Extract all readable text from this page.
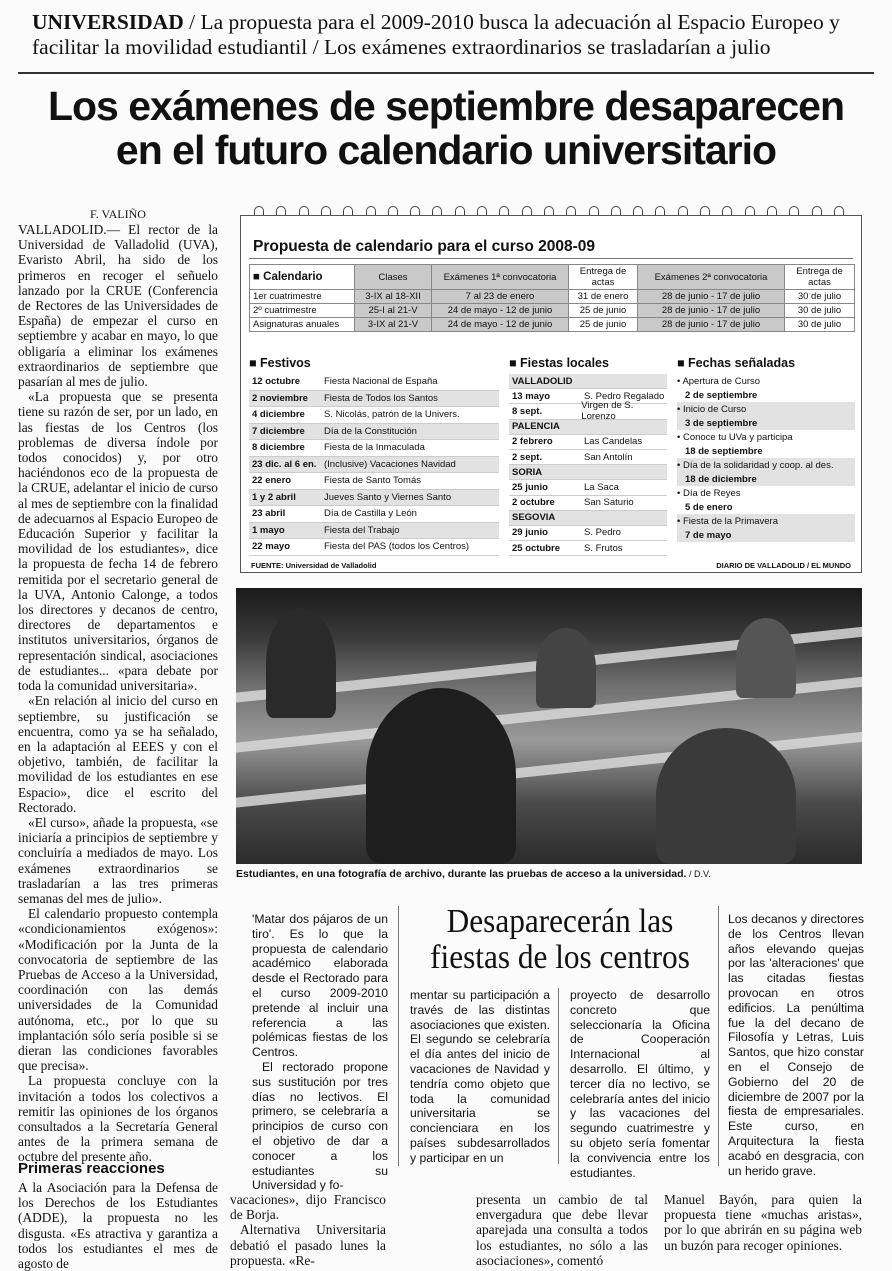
UNIVERSIDAD / La propuesta para el 2009-2010 busca la adecuación al Espacio Europeo y facilitar la movilidad estudiantil / Los exámenes extraordinarios se trasladarían a julio
Los exámenes de septiembre desaparecen
en el futuro calendario universitario
F. VALIÑO

VALLADOLID.— El rector de la Universidad de Valladolid (UVA), Evaristo Abril, ha sido de los primeros en recoger el señuelo lanzado por la CRUE (Conferencia de Rectores de las Universidades de España) de empezar el curso en septiembre y acabar en mayo, lo que obligaría a eliminar los exámenes extraordinarios de septiembre que pasarían al mes de julio.

«La propuesta que se presenta tiene su razón de ser, por un lado, en las fiestas de los Centros (los problemas de diversa índole por todos conocidos) y, por otro haciéndonos eco de la propuesta de la CRUE, adelantar el inicio de curso al mes de septiembre con la finalidad de adecuarnos al Espacio Europeo de Educación Superior y facilitar la movilidad de los estudiantes», dice la propuesta de fecha 14 de febrero remitida por el secretario general de la UVA, Antonio Calonge, a todos los directores y decanos de centro, directores de departamentos e institutos universitarios, órganos de representación sindical, asociaciones de estudiantes... «para debate por toda la comunidad universitaria».

«En relación al inicio del curso en septiembre, su justificación se encuentra, como ya se ha señalado, en la adaptación al EEES y con el objetivo, también, de facilitar la movilidad de los estudiantes en ese Espacio», dice el escrito del Rectorado.

«El curso», añade la propuesta, «se iniciaría a principios de septiembre y concluiría a mediados de mayo. Los exámenes extraordinarios se trasladarían a las tres primeras semanas del mes de julio».

El calendario propuesto contempla «condicionamientos exógenos»: «Modificación por la Junta de la convocatoria de septiembre de las Pruebas de Acceso a la Universidad, coordinación con las demás universidades de la Comunidad autónoma, etc., por lo que su implantación sólo sería posible si se dieran las condiciones favorables que precisa».

La propuesta concluye con la invitación a todos los colectivos a remitir las opiniones de los órganos consultados a la Secretaría General antes de la primera semana de octubre del presente año.

Primeras reacciones

A la Asociación para la Defensa de los Derechos de los Estudiantes (ADDE), la propuesta no les disgusta. «Es atractiva y garantiza a todos los estudiantes el mes de agosto de

Propuesta de calendario para el curso 2008-09
■ Calendario	Clases	Exámenes 1ª convocatoria	Entrega de actas	Exámenes 2ª convocatoria	Entrega de actas
1er cuatrimestre	3-IX al 18-XII	7 al 23 de enero	31 de enero	28 de junio - 17 de julio	30 de julio
2º cuatrimestre	25-I al 21-V	24 de mayo - 12 de junio	25 de junio	28 de junio - 17 de julio	30 de julio
Asignaturas anuales	3-IX al 21-V	24 de mayo - 12 de junio	25 de junio	28 de junio - 17 de julio	30 de julio
■ Festivos
12 octubre	Fiesta Nacional de España
2 noviembre	Fiesta de Todos los Santos
4 diciembre	S. Nicolás, patrón de la Univers.
7 diciembre	Día de la Constitución
8 diciembre	Fiesta de la Inmaculada
23 dic. al 6 en. (Inclusive) Vacaciones Navidad
22 enero	Fiesta de Santo Tomás
1 y 2 abril	Jueves Santo y Viernes Santo
23 abril	Día de Castilla y León
1 mayo	Fiesta del Trabajo
22 mayo	Fiesta del PAS (todos los Centros)
■ Fiestas locales
VALLADOLID
13 mayo	S. Pedro Regalado
8 sept.	Virgen de S. Lorenzo
PALENCIA
2 febrero	Las Candelas
2 sept.	San Antolín
SORIA
25 junio	La Saca
2 octubre	San Saturio
SEGOVIA
29 junio	S. Pedro
25 octubre	S. Frutos
■ Fechas señaladas
• Apertura de Curso
2 de septiembre
• Inicio de Curso
3 de septiembre
• Conoce tu UVa y participa
18 de septiembre
• Día de la solidaridad y coop. al des.
18 de diciembre
• Día de Reyes
5 de enero
• Fiesta de la Primavera
7 de mayo
FUENTE: Universidad de Valladolid	DIARIO DE VALLADOLID / EL MUNDO
Estudiantes, en una fotografía de archivo, durante las pruebas de acceso a la universidad. / D.V.
Desaparecerán las fiestas de los centros
'Matar dos pájaros de un tiro'. Es lo que la propuesta de calendario académico elaborada desde el Rectorado para el curso 2009-2010 pretende al incluir una referencia a las polémicas fiestas de los Centros.
El rectorado propone sus sustitución por tres días no lectivos. El primero, se celebraría a principios de curso con el objetivo de dar a conocer a los estudiantes su Universidad y fo-
mentar su participación a través de las distintas asociaciones que existen. El segundo se celebraría el día antes del inicio de vacaciones de Navidad y tendría como objeto que toda la comunidad universitaria se concienciara en los países subdesarrollados y participar en un
proyecto de desarrollo concreto que seleccionaría la Oficina de Cooperación Internacional al desarrollo. El último, y tercer día no lectivo, se celebraría antes del inicio y las vacaciones del segundo cuatrimestre y su objeto sería fomentar la convivencia entre los estudiantes.
Los decanos y directores de los Centros llevan años elevando quejas por las 'alteraciones' que las citadas fiestas provocan en otros edificios. La penúltima fue la del decano de Filosofía y Letras, Luis Santos, que hizo constar en el Consejo de Gobierno del 20 de diciembre de 2007 por la fiesta de empresariales. Este curso, en Arquitectura la fiesta acabó en desgracia, con un herido grave.

vacaciones», dijo Francisco de Borja.

Alternativa Universitaria debatió el pasado lunes la propuesta. «Re-

presenta un cambio de tal envergadura que debe llevar aparejada una consulta a todos los estudiantes, no sólo a las asociaciones», comentó

Manuel Bayón, para quien la propuesta tiene «muchas aristas», por lo que abrirán en su página web un buzón para recoger opiniones.
